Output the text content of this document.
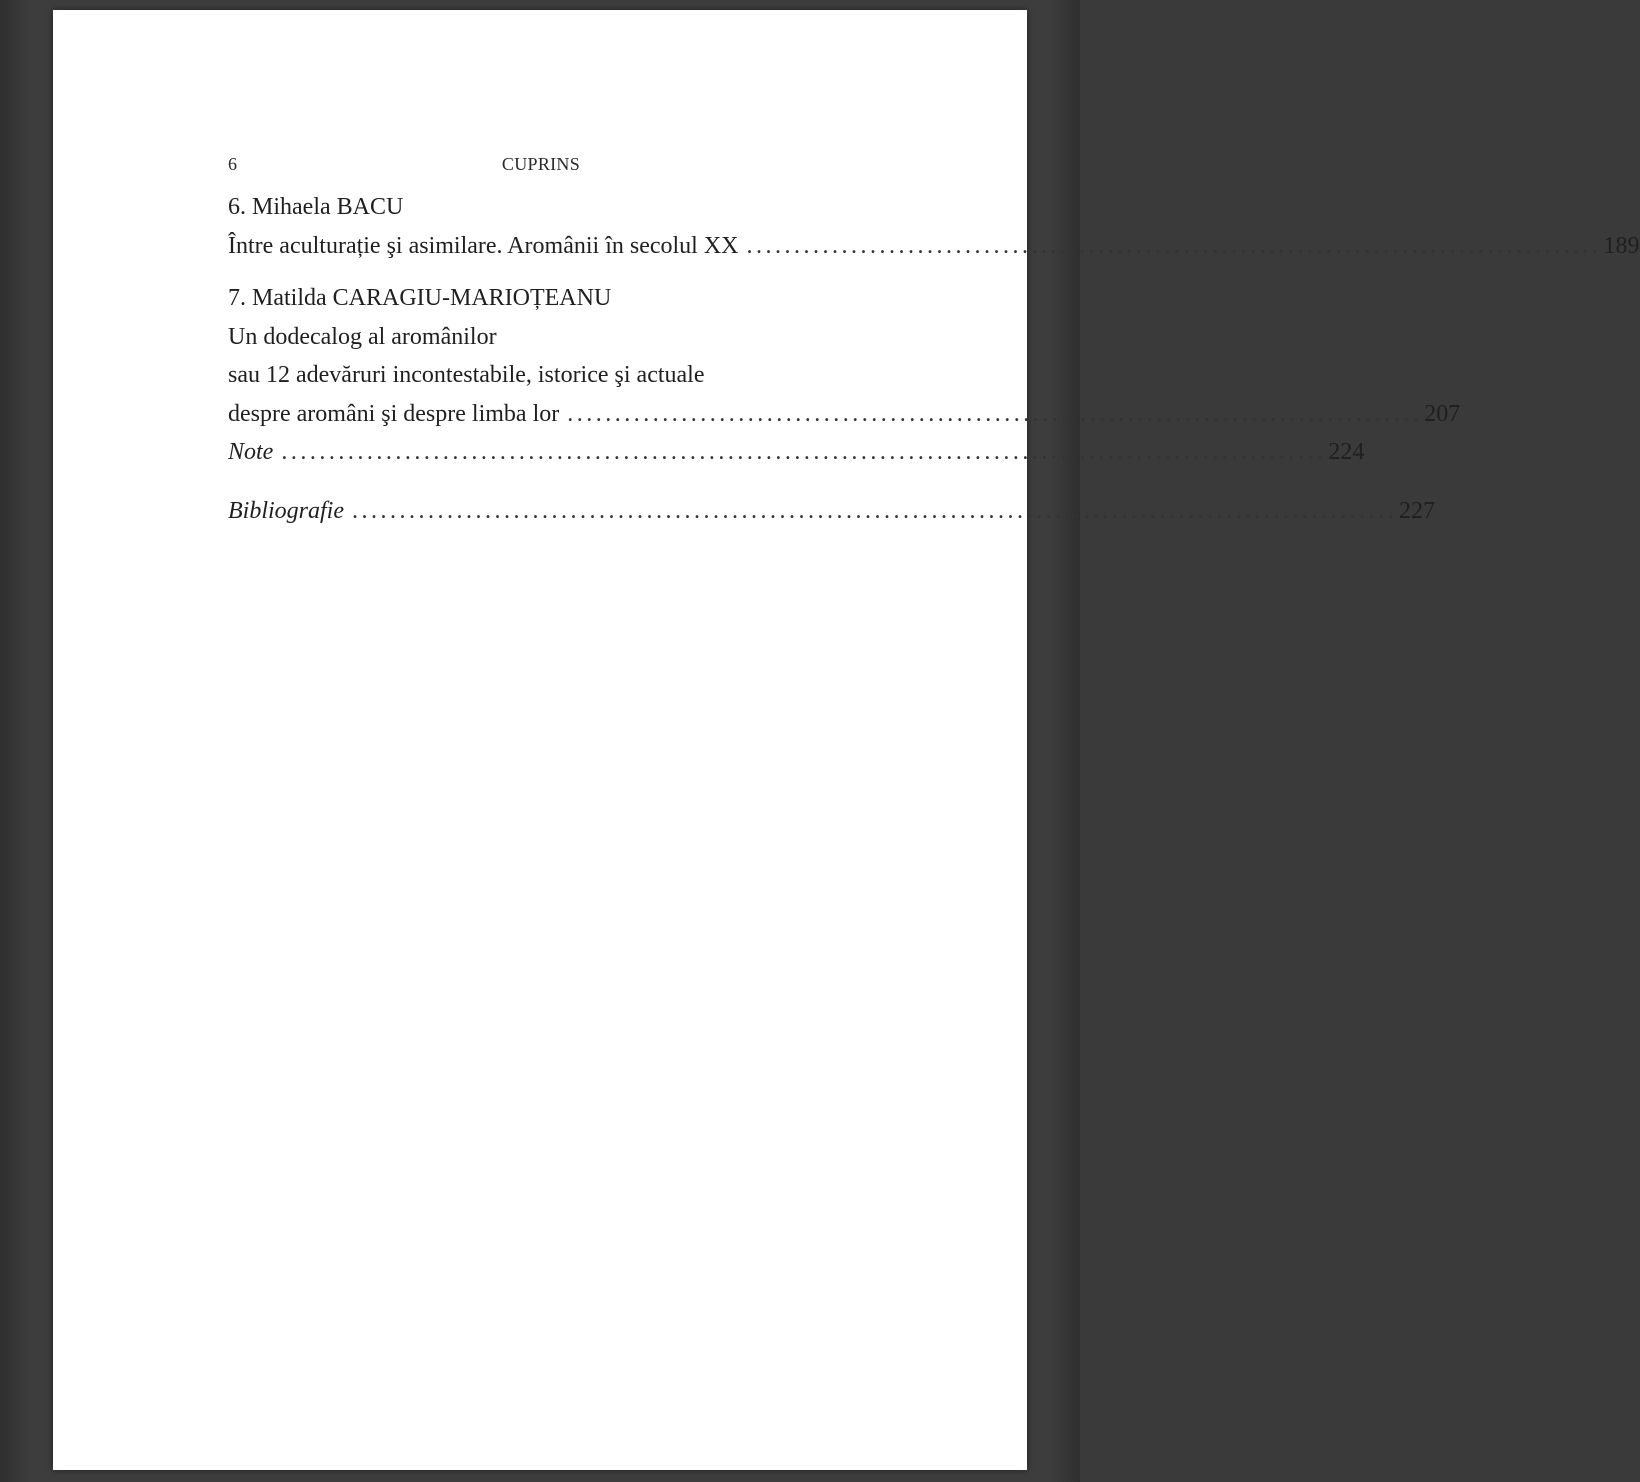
6	CUPRINS
6. Mihaela BACU
Între aculturație şi asimilare. Aromânii în secolul XX .......................................................................................... 189
7. Matilda CARAGIU-MARIOȚEANU
Un dodecalog al aromânilor
sau 12 adevăruri incontestabile, istorice şi actuale
despre aromâni şi despre limba lor .......................................................................................... 207
Note .............................................................................................................. 224
Bibliografie .............................................................................................................. 227
